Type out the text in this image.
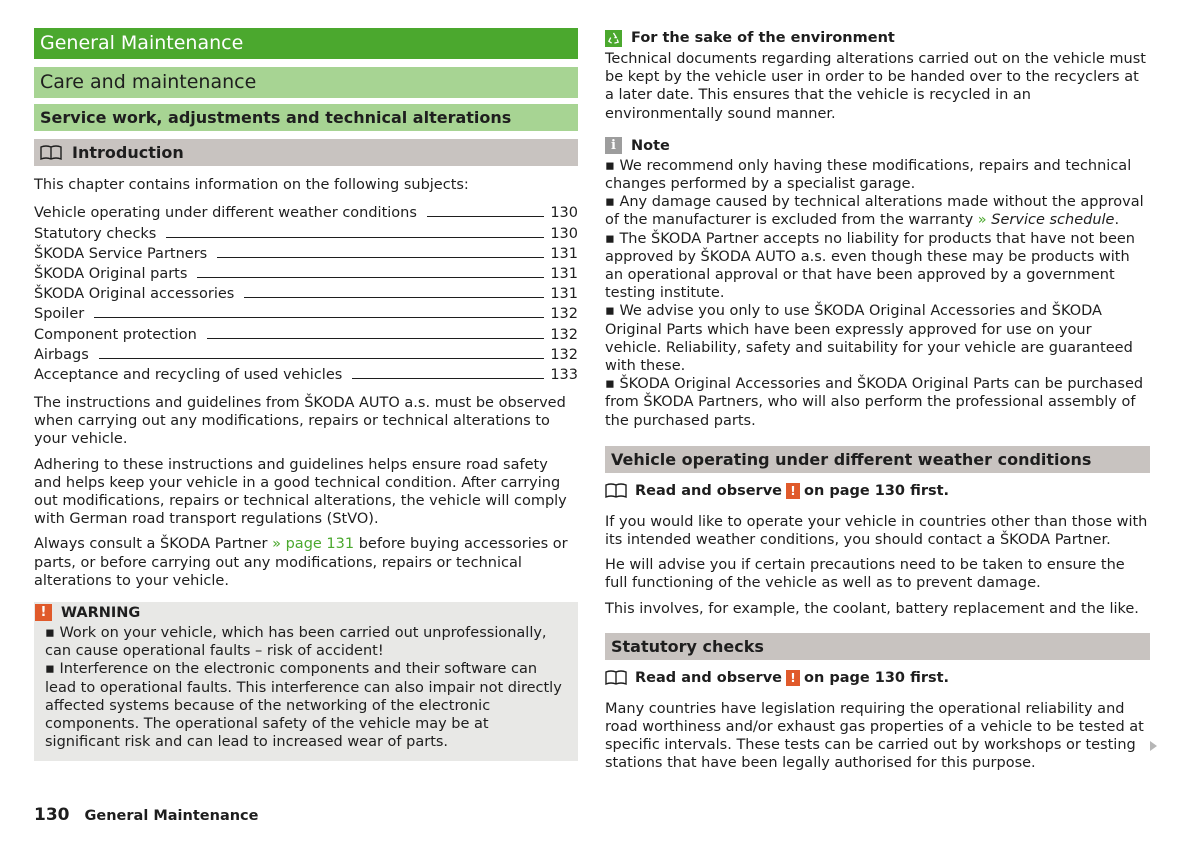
General Maintenance
Care and maintenance
Service work, adjustments and technical alterations
Introduction

This chapter contains information on the following subjects:

Vehicle operating under different weather conditions	130
Statutory checks	130
ŠKODA Service Partners	131
ŠKODA Original parts	131
ŠKODA Original accessories	131
Spoiler	132
Component protection	132
Airbags	132
Acceptance and recycling of used vehicles	133

The instructions and guidelines from ŠKODA AUTO a.s. must be observed when carrying out any modifications, repairs or technical alterations to your vehicle.

Adhering to these instructions and guidelines helps ensure road safety and helps keep your vehicle in a good technical condition. After carrying out modifications, repairs or technical alterations, the vehicle will comply with German road transport regulations (StVO).

Always consult a ŠKODA Partner » page 131 before buying accessories or parts, or before carrying out any modifications, repairs or technical alterations to your vehicle.

!	WARNING
▪ Work on your vehicle, which has been carried out unprofessionally, can cause operational faults – risk of accident!
▪ Interference on the electronic components and their software can lead to operational faults. This interference can also impair not directly affected systems because of the networking of the electronic components. The operational safety of the vehicle may be at significant risk and can lead to increased wear of parts.
For the sake of the environment

Technical documents regarding alterations carried out on the vehicle must be kept by the vehicle user in order to be handed over to the recyclers at a later date. This ensures that the vehicle is recycled in an environmentally sound manner.

i	Note

▪ We recommend only having these modifications, repairs and technical changes performed by a specialist garage.

▪ Any damage caused by technical alterations made without the approval of the manufacturer is excluded from the warranty » Service schedule.

▪ The ŠKODA Partner accepts no liability for products that have not been approved by ŠKODA AUTO a.s. even though these may be products with an operational approval or that have been approved by a government testing institute.

▪ We advise you only to use ŠKODA Original Accessories and ŠKODA Original Parts which have been expressly approved for use on your vehicle. Reliability, safety and suitability for your vehicle are guaranteed with these.

▪ ŠKODA Original Accessories and ŠKODA Original Parts can be purchased from ŠKODA Partners, who will also perform the professional assembly of the purchased parts.

Vehicle operating under different weather conditions
Read and observe ! on page 130 first.

If you would like to operate your vehicle in countries other than those with its intended weather conditions, you should contact a ŠKODA Partner.

He will advise you if certain precautions need to be taken to ensure the full functioning of the vehicle as well as to prevent damage.

This involves, for example, the coolant, battery replacement and the like.

Statutory checks
Read and observe ! on page 130 first.

Many countries have legislation requiring the operational reliability and road worthiness and/or exhaust gas properties of a vehicle to be tested at specific intervals. These tests can be carried out by workshops or testing stations that have been legally authorised for this purpose.

130 General Maintenance
